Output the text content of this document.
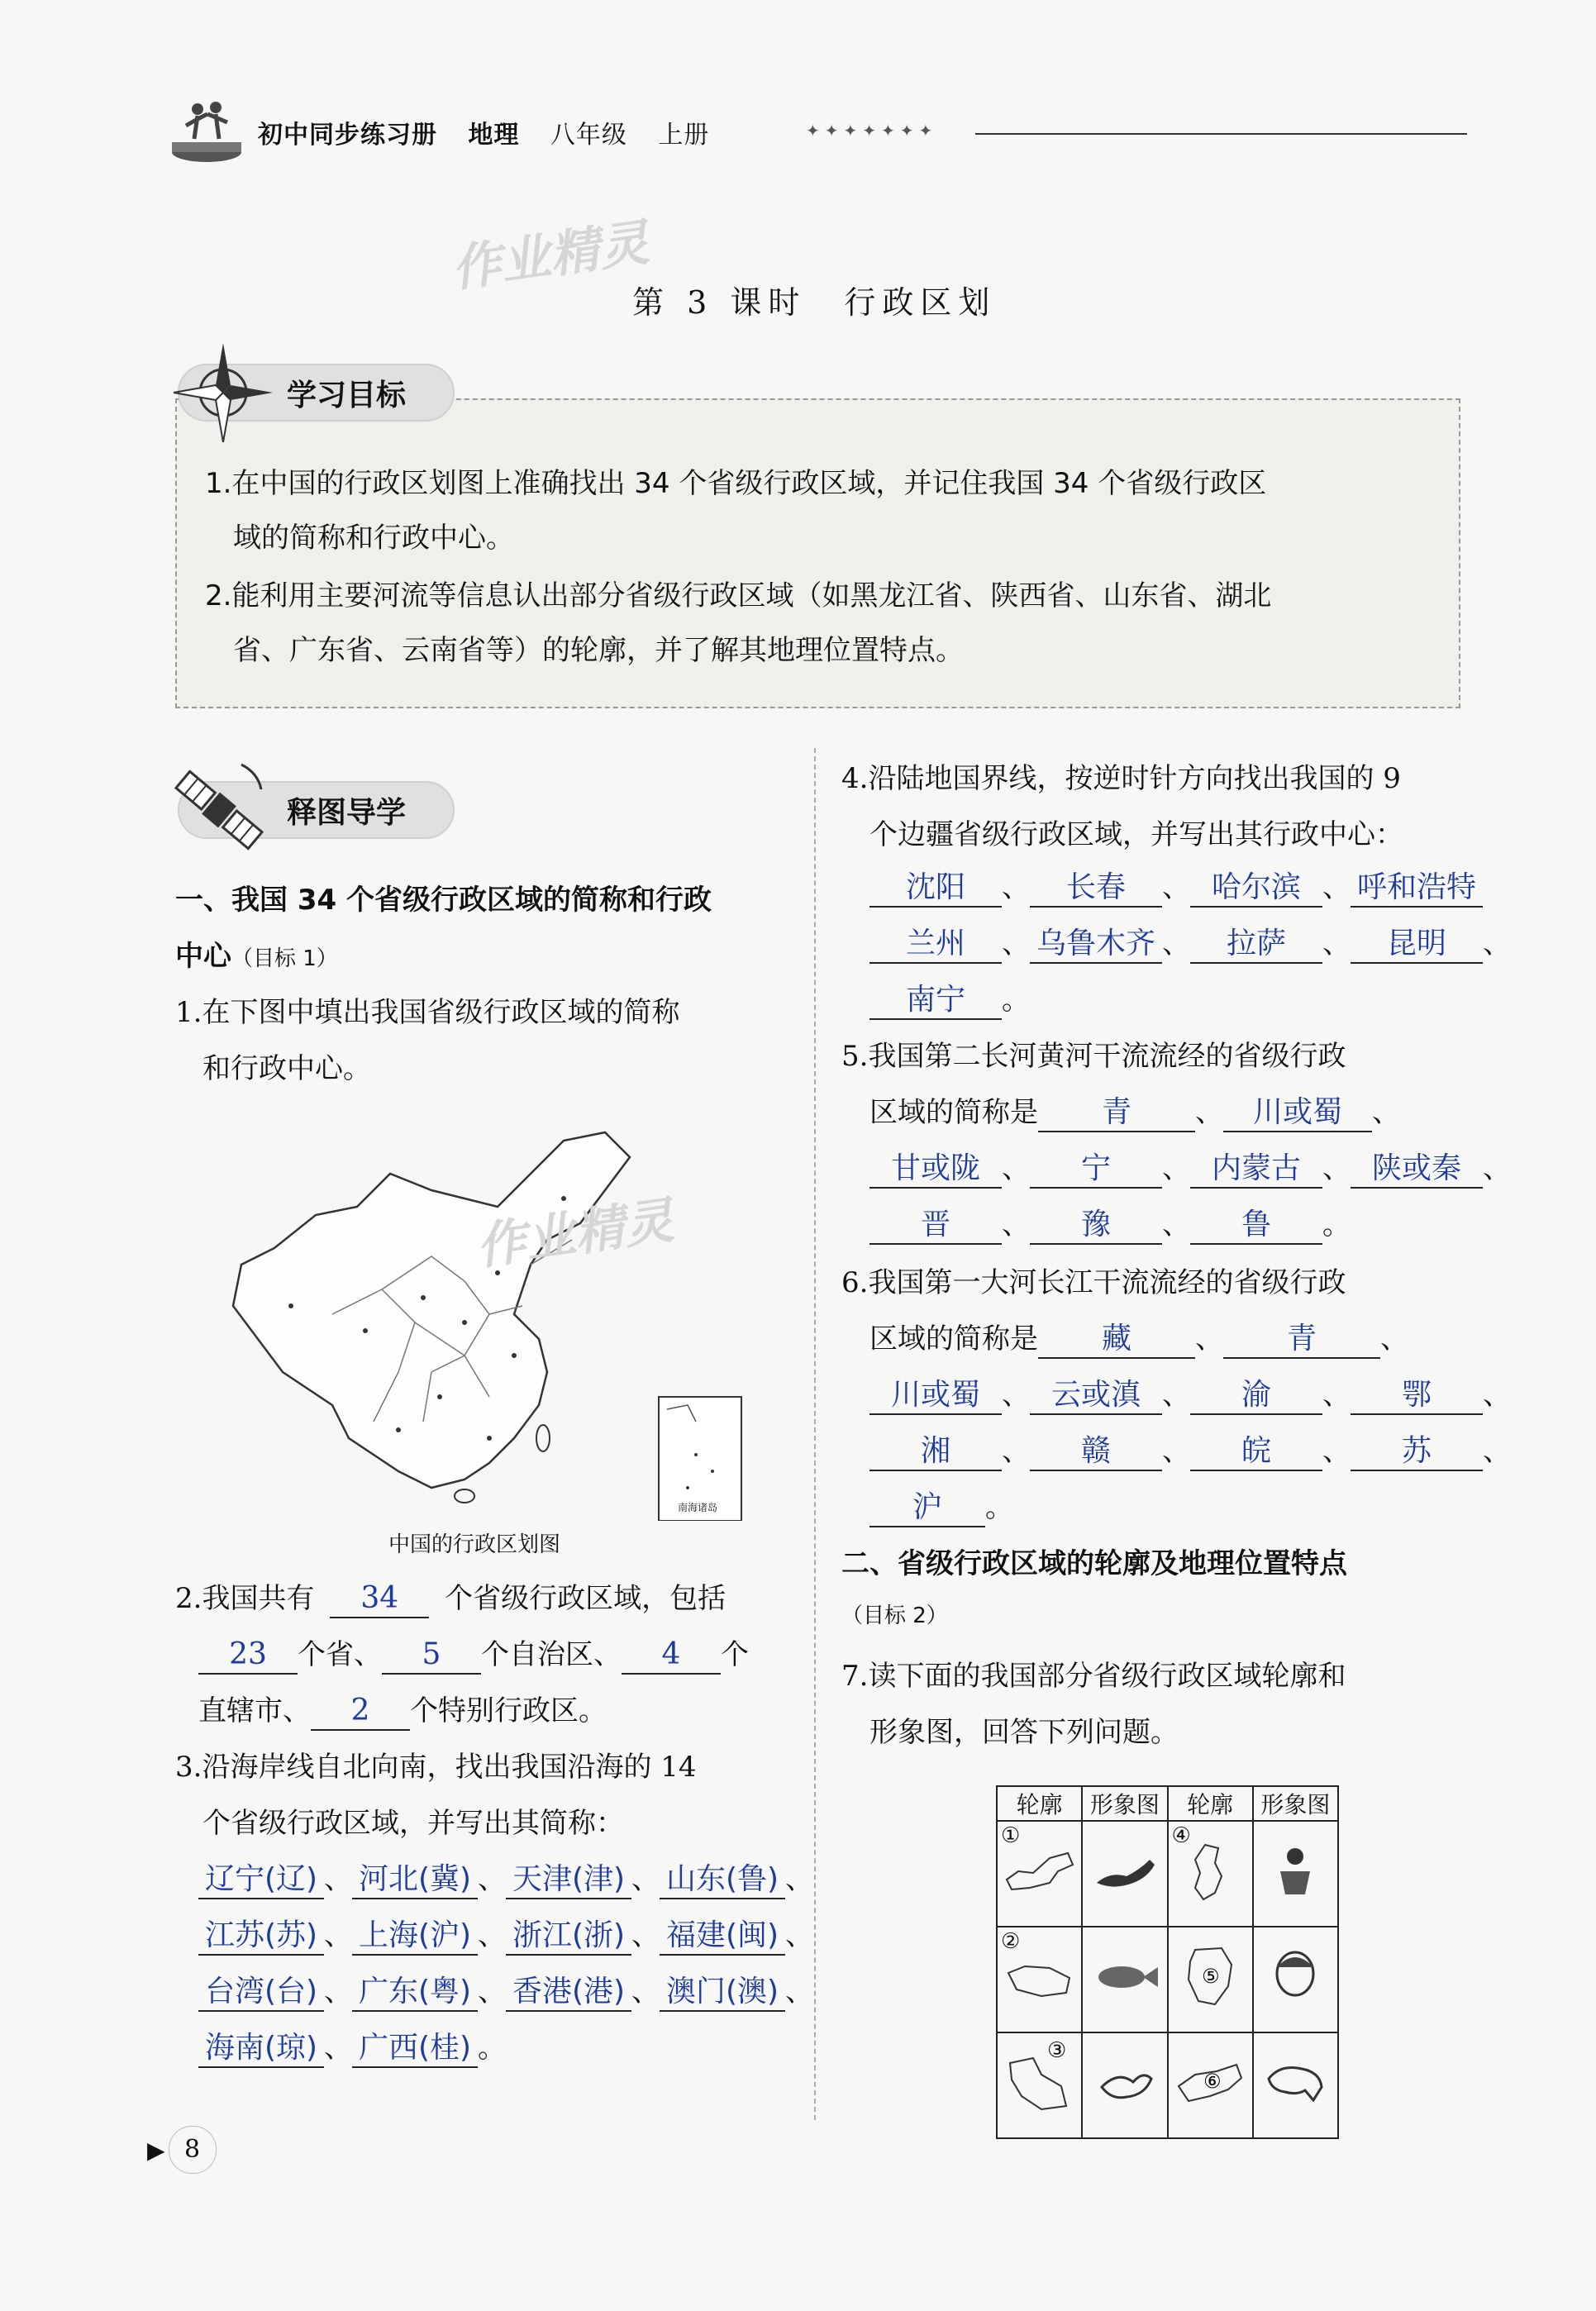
初中同步练习册 地理 八年级 上册	✦✦✦✦✦✦✦
作业精灵
第 3 课时　行政区划
学习目标
1.在中国的行政区划图上准确找出 34 个省级行政区域，并记住我国 34 个省级行政区
域的简称和行政中心。
2.能利用主要河流等信息认出部分省级行政区域（如黑龙江省、陕西省、山东省、湖北
省、广东省、云南省等）的轮廓，并了解其地理位置特点。
释图导学
一、我国 34 个省级行政区域的简称和行政
中心（目标 1）
1.在下图中填出我国省级行政区域的简称
和行政中心。
南海诸岛
作业精灵
中国的行政区划图
2.我国共有 34 个省级行政区域，包括
23 个省、 5 个自治区、 4 个
直辖市、 2 个特别行政区。
3.沿海岸线自北向南，找出我国沿海的 14
个省级行政区域，并写出其简称：
辽宁(辽) 、 河北(冀) 、 天津(津) 、 山东(鲁) 、
江苏(苏) 、 上海(沪) 、 浙江(浙) 、 福建(闽) 、
台湾(台) 、 广东(粤) 、 香港(港) 、 澳门(澳) 、
海南(琼) 、 广西(桂) 。
4.沿陆地国界线，按逆时针方向找出我国的 9
个边疆省级行政区域，并写出其行政中心：
沈阳 、 长春 、 哈尔滨 、 呼和浩特
兰州 、 乌鲁木齐 、 拉萨 、 昆明 、
南宁 。
5.我国第二长河黄河干流流经的省级行政
区域的简称是 青 、 川或蜀 、
甘或陇 、 宁 、 内蒙古 、 陕或秦 、
晋 、 豫 、 鲁 。
6.我国第一大河长江干流流经的省级行政
区域的简称是 藏 、 青 、
川或蜀 、 云或滇 、 渝 、 鄂 、
湘 、 赣 、 皖 、 苏 、
沪 。
二、省级行政区域的轮廓及地理位置特点
（目标 2）
7.读下面的我国部分省级行政区域轮廓和
形象图，回答下列问题。
轮廓	形象图	轮廓	形象图

①		④

②		⑤

③		⑥

▶ 8
